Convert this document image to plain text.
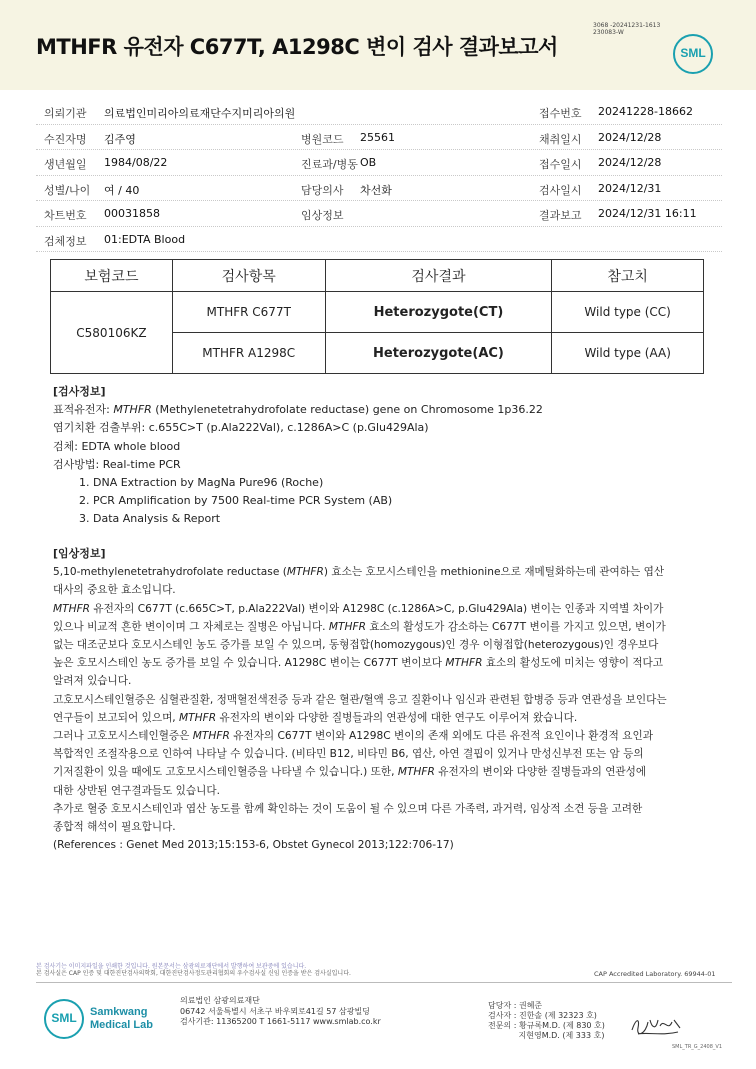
MTHFR 유전자 C677T, A1298C 변이 검사 결과보고서
3068 -20241231-1613
230083-W
SML
의뢰기관 의료법인미리아의료재단수지미리아의원	접수번호 20241228-18662
수진자명 김주영	병원코드 25561	채취일시 2024/12/28
생년월일 1984/08/22	진료과/병동 OB	접수일시 2024/12/28
성별/나이 여 / 40	담당의사 차선화	검사일시 2024/12/31
차트번호 00031858	임상정보	결과보고 2024/12/31 16:11
검체정보 01:EDTA Blood
보험코드	검사항목	검사결과	참고치
C580106KZ	MTHFR C677T	Heterozygote(CT)	Wild type (CC)
	MTHFR A1298C	Heterozygote(AC)	Wild type (AA)
[검사정보]
표적유전자: MTHFR (Methylenetetrahydrofolate reductase) gene on Chromosome 1p36.22
염기치환 검출부위: c.655C>T (p.Ala222Val), c.1286A>C (p.Glu429Ala)
검체: EDTA whole blood
검사방법: Real-time PCR
1. DNA Extraction by MagNa Pure96 (Roche)
2. PCR Amplification by 7500 Real-time PCR System (AB)
3. Data Analysis & Report
[임상정보]

5,10-methylenetetrahydrofolate reductase (MTHFR) 효소는 호모시스테인을 methionine으로 재메틸화하는데 관여하는 엽산

대사의 중요한 효소입니다.

MTHFR 유전자의 C677T (c.665C>T, p.Ala222Val) 변이와 A1298C (c.1286A>C, p.Glu429Ala) 변이는 인종과 지역별 차이가

있으나 비교적 흔한 변이이며 그 자체로는 질병은 아닙니다. MTHFR 효소의 활성도가 감소하는 C677T 변이를 가지고 있으면, 변이가

없는 대조군보다 호모시스테인 농도 증가를 보일 수 있으며, 동형접합(homozygous)인 경우 이형접합(heterozygous)인 경우보다

높은 호모시스테인 농도 증가를 보일 수 있습니다. A1298C 변이는 C677T 변이보다 MTHFR 효소의 활성도에 미치는 영향이 적다고

알려져 있습니다.

고호모시스테인혈증은 심혈관질환, 정맥혈전색전증 등과 같은 혈관/혈액 응고 질환이나 임신과 관련된 합병증 등과 연관성을 보인다는

연구들이 보고되어 있으며, MTHFR 유전자의 변이와 다양한 질병들과의 연관성에 대한 연구도 이루어져 왔습니다.

그러나 고호모시스테인혈증은 MTHFR 유전자의 C677T 변이와 A1298C 변이의 존재 외에도 다른 유전적 요인이나 환경적 요인과

복합적인 조절작용으로 인하여 나타날 수 있습니다. (비타민 B12, 비타민 B6, 엽산, 아연 결핍이 있거나 만성신부전 또는 암 등의

기저질환이 있을 때에도 고호모시스테인혈증을 나타낼 수 있습니다.) 또한, MTHFR 유전자의 변이와 다양한 질병들과의 연관성에

대한 상반된 연구결과들도 있습니다.

추가로 혈중 호모시스테인과 엽산 농도를 함께 확인하는 것이 도움이 될 수 있으며 다른 가족력, 과거력, 임상적 소견 등을 고려한

종합적 해석이 필요합니다.

(References : Genet Med 2013;15:153-6, Obstet Gynecol 2013;122:706-17)

본 검사기는 이미지파일을 인쇄한 것입니다. 원본문서는 삼광의료재단에서 발행하여 보관중에 있습니다.
본 검사실은 CAP 인증 및 대한진단검사의학회, 대한진단검사정도관리협회의 우수검사실 신임 인증을 받은 검사실입니다.	CAP Accredited Laboratory. 69944-01
SML	Samkwang
Medical Lab
의료법인 삼광의료재단
06742 서울특별시 서초구 바우뫼로41길 57 삼광빌딩
검사기관: 11365200 T 1661-5117 www.smlab.co.kr
담당자 : 권혜준
검사자 : 진한솔 (제 32323 호)
전문의 : 황규록M.D. (제 830 호)
지현영M.D. (제 333 호)
SML_TR_G_2408_V1
